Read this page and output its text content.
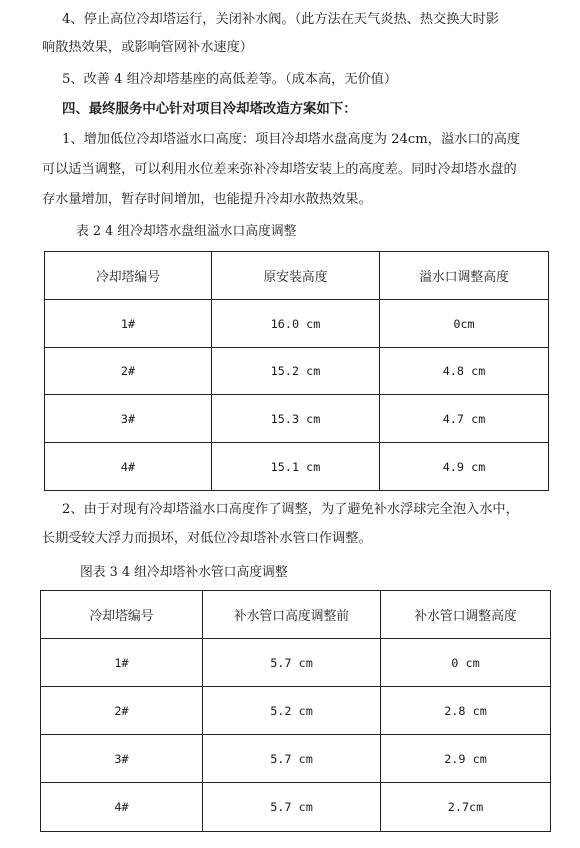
4、停止高位冷却塔运行，关闭补水阀。（此方法在天气炎热、热交换大时影

响散热效果，或影响管网补水速度）

5、改善 4 组冷却塔基座的高低差等。（成本高，无价值）

四、最终服务中心针对项目冷却塔改造方案如下：

1、增加低位冷却塔溢水口高度：项目冷却塔水盘高度为 24cm，溢水口的高度

可以适当调整，可以利用水位差来弥补冷却塔安装上的高度差。同时冷却塔水盘的

存水量增加，暂存时间增加，也能提升冷却水散热效果。

表 2 4 组冷却塔水盘组溢水口高度调整
冷却塔编号	原安装高度	溢水口调整高度
1#	16.0 cm	0cm
2#	15.2 cm	4.8 cm
3#	15.3 cm	4.7 cm
4#	15.1 cm	4.9 cm

2、由于对现有冷却塔溢水口高度作了调整，为了避免补水浮球完全泡入水中，

长期受较大浮力而损坏，对低位冷却塔补水管口作调整。

图表 3 4 组冷却塔补水管口高度调整
冷却塔编号	补水管口高度调整前	补水管口调整高度
1#	5.7 cm	0 cm
2#	5.2 cm	2.8 cm
3#	5.7 cm	2.9 cm
4#	5.7 cm	2.7cm
